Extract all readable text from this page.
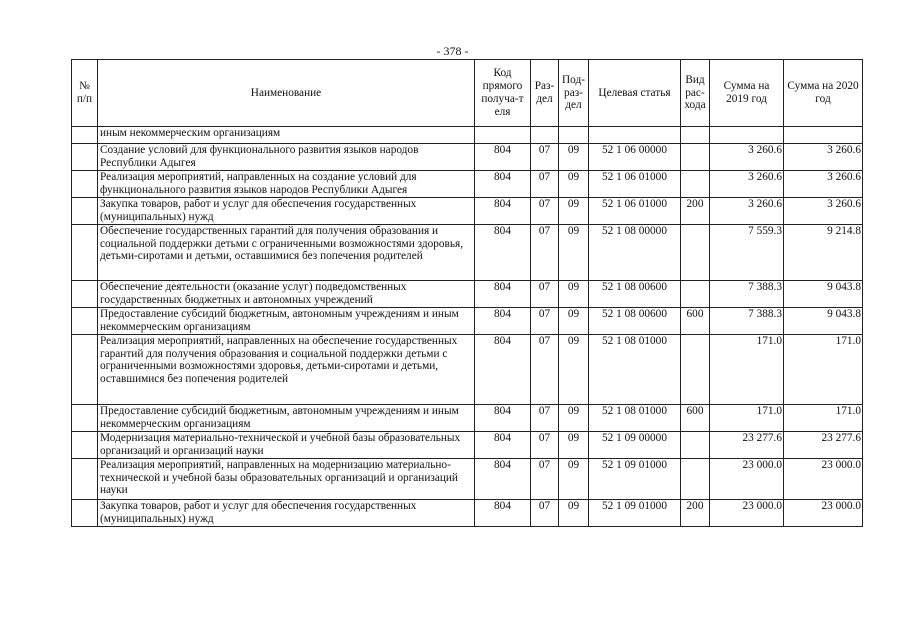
- 378 -
№ п/п	Наименование	Код прямого получа-т еля	Раз-дел	Под-раз-дел	Целевая статья	Вид рас-хода	Сумма на 2019 год	Сумма на 2020 год
	иным некоммерческим организациям							
	Создание условий для функционального развития языков народов Республики Адыгея	804	07	09	52 1 06 00000		3 260.6	3 260.6
	Реализация мероприятий, направленных на создание условий для функционального развития языков народов Республики Адыгея	804	07	09	52 1 06 01000		3 260.6	3 260.6
	Закупка товаров, работ и услуг для обеспечения государственных (муниципальных) нужд	804	07	09	52 1 06 01000	200	3 260.6	3 260.6
	Обеспечение государственных гарантий для получения образования и социальной поддержки детьми с ограниченными возможностями здоровья, детьми-сиротами и детьми, оставшимися без попечения родителей	804	07	09	52 1 08 00000		7 559.3	9 214.8
	Обеспечение деятельности (оказание услуг) подведомственных государственных бюджетных и автономных учреждений	804	07	09	52 1 08 00600		7 388.3	9 043.8
	Предоставление субсидий бюджетным, автономным учреждениям и иным некоммерческим организациям	804	07	09	52 1 08 00600	600	7 388.3	9 043.8
	Реализация мероприятий, направленных на обеспечение государственных гарантий для получения образования и социальной поддержки детьми с ограниченными возможностями здоровья, детьми-сиротами и детьми, оставшимися без попечения родителей	804	07	09	52 1 08 01000		171.0	171.0
	Предоставление субсидий бюджетным, автономным учреждениям и иным некоммерческим организациям	804	07	09	52 1 08 01000	600	171.0	171.0
	Модернизация материально-технической и учебной базы образовательных организаций и организаций науки	804	07	09	52 1 09 00000		23 277.6	23 277.6
	Реализация мероприятий, направленных на модернизацию материально-технической и учебной базы образовательных организаций и организаций науки	804	07	09	52 1 09 01000		23 000.0	23 000.0
	Закупка товаров, работ и услуг для обеспечения государственных (муниципальных) нужд	804	07	09	52 1 09 01000	200	23 000.0	23 000.0
